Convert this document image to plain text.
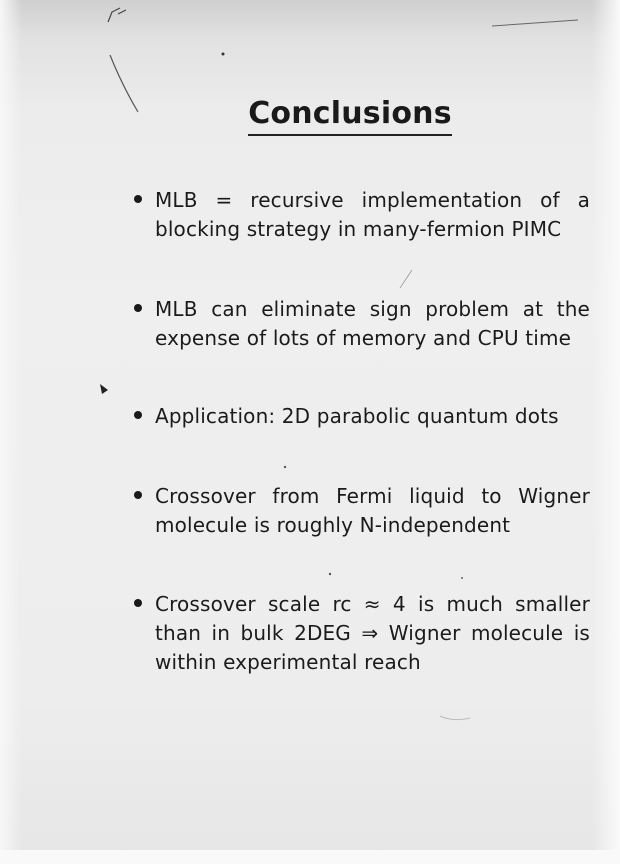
Conclusions
MLB = recursive implementation of a blocking strategy in many-fermion PIMC
MLB can eliminate sign problem at the expense of lots of memory and CPU time
Application: 2D parabolic quantum dots
Crossover from Fermi liquid to Wigner molecule is roughly N-independent
Crossover scale rc ≈ 4 is much smaller than in bulk 2DEG ⇒ Wigner molecule is within experimental reach
